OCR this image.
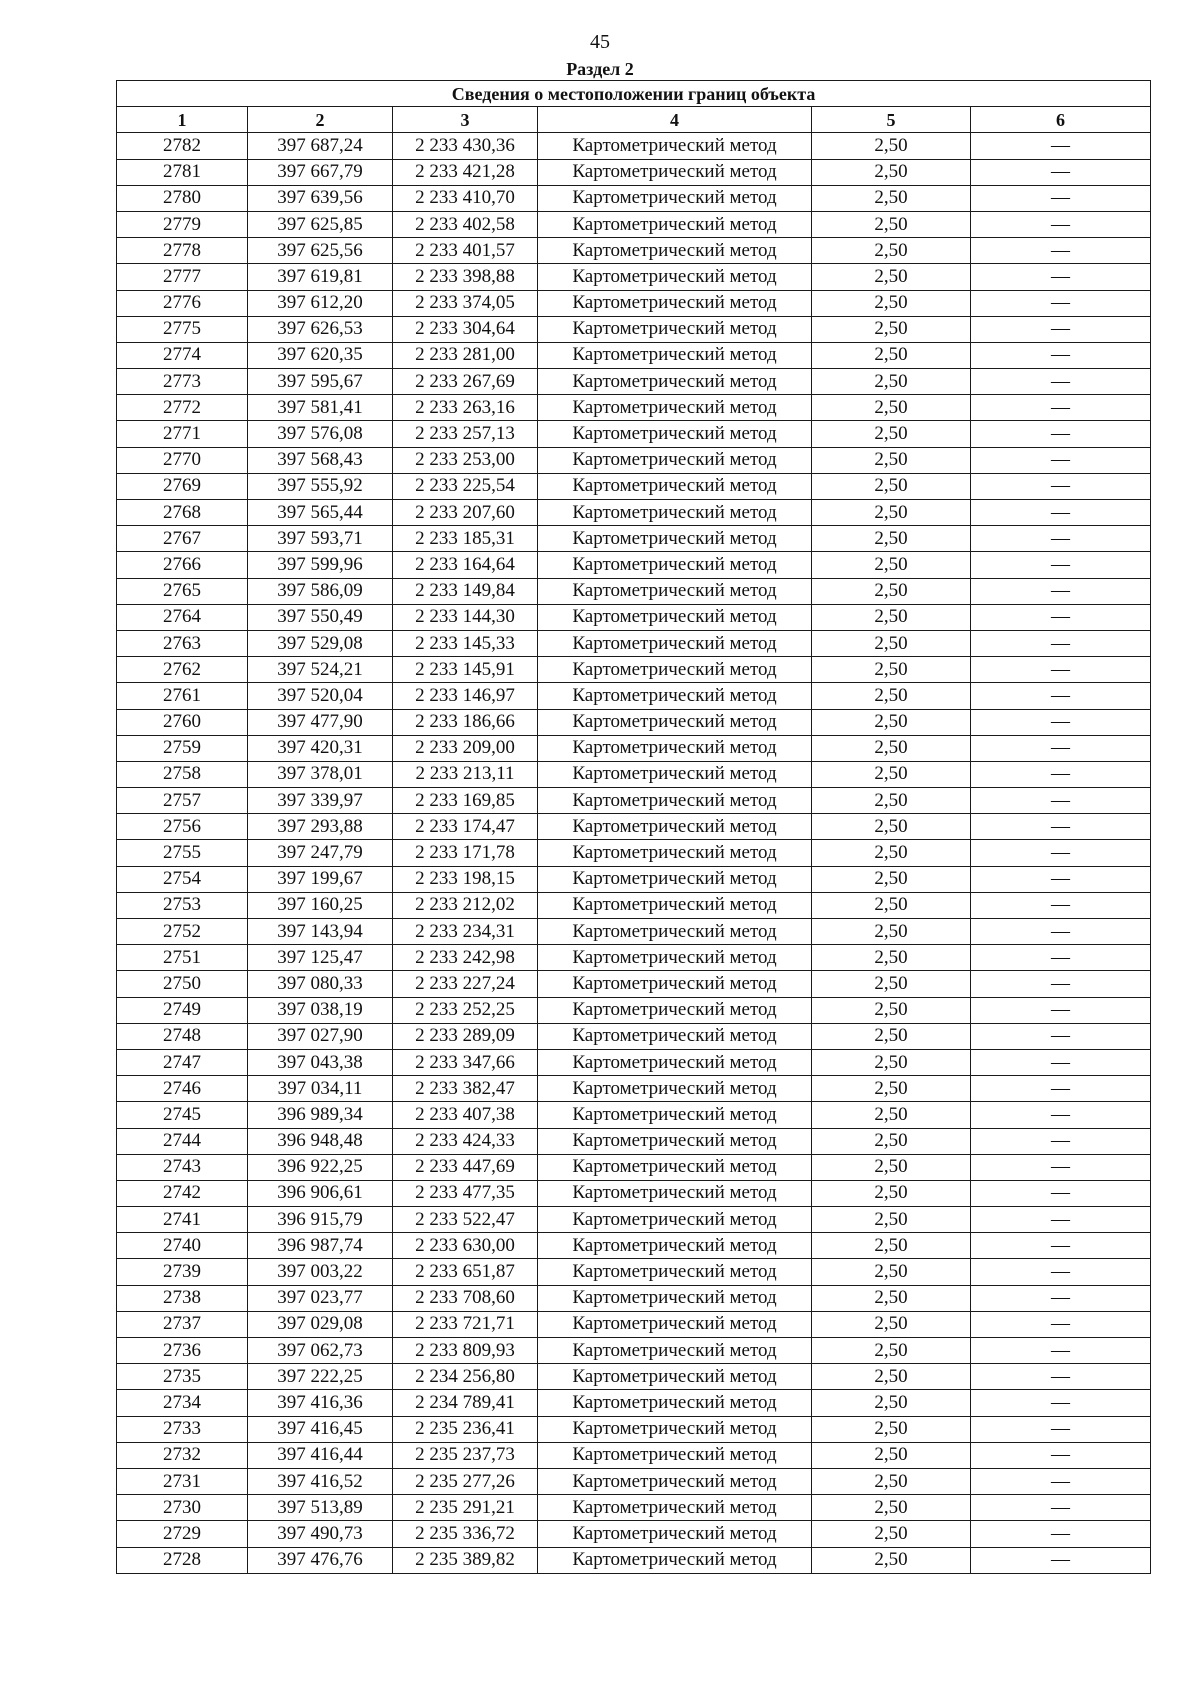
45
Раздел 2
Сведения о местоположении границ объекта					
1	2	3	4	5	6
2782	397 687,24	2 233 430,36	Картометрический метод	2,50	—
2781	397 667,79	2 233 421,28	Картометрический метод	2,50	—
2780	397 639,56	2 233 410,70	Картометрический метод	2,50	—
2779	397 625,85	2 233 402,58	Картометрический метод	2,50	—
2778	397 625,56	2 233 401,57	Картометрический метод	2,50	—
2777	397 619,81	2 233 398,88	Картометрический метод	2,50	—
2776	397 612,20	2 233 374,05	Картометрический метод	2,50	—
2775	397 626,53	2 233 304,64	Картометрический метод	2,50	—
2774	397 620,35	2 233 281,00	Картометрический метод	2,50	—
2773	397 595,67	2 233 267,69	Картометрический метод	2,50	—
2772	397 581,41	2 233 263,16	Картометрический метод	2,50	—
2771	397 576,08	2 233 257,13	Картометрический метод	2,50	—
2770	397 568,43	2 233 253,00	Картометрический метод	2,50	—
2769	397 555,92	2 233 225,54	Картометрический метод	2,50	—
2768	397 565,44	2 233 207,60	Картометрический метод	2,50	—
2767	397 593,71	2 233 185,31	Картометрический метод	2,50	—
2766	397 599,96	2 233 164,64	Картометрический метод	2,50	—
2765	397 586,09	2 233 149,84	Картометрический метод	2,50	—
2764	397 550,49	2 233 144,30	Картометрический метод	2,50	—
2763	397 529,08	2 233 145,33	Картометрический метод	2,50	—
2762	397 524,21	2 233 145,91	Картометрический метод	2,50	—
2761	397 520,04	2 233 146,97	Картометрический метод	2,50	—
2760	397 477,90	2 233 186,66	Картометрический метод	2,50	—
2759	397 420,31	2 233 209,00	Картометрический метод	2,50	—
2758	397 378,01	2 233 213,11	Картометрический метод	2,50	—
2757	397 339,97	2 233 169,85	Картометрический метод	2,50	—
2756	397 293,88	2 233 174,47	Картометрический метод	2,50	—
2755	397 247,79	2 233 171,78	Картометрический метод	2,50	—
2754	397 199,67	2 233 198,15	Картометрический метод	2,50	—
2753	397 160,25	2 233 212,02	Картометрический метод	2,50	—
2752	397 143,94	2 233 234,31	Картометрический метод	2,50	—
2751	397 125,47	2 233 242,98	Картометрический метод	2,50	—
2750	397 080,33	2 233 227,24	Картометрический метод	2,50	—
2749	397 038,19	2 233 252,25	Картометрический метод	2,50	—
2748	397 027,90	2 233 289,09	Картометрический метод	2,50	—
2747	397 043,38	2 233 347,66	Картометрический метод	2,50	—
2746	397 034,11	2 233 382,47	Картометрический метод	2,50	—
2745	396 989,34	2 233 407,38	Картометрический метод	2,50	—
2744	396 948,48	2 233 424,33	Картометрический метод	2,50	—
2743	396 922,25	2 233 447,69	Картометрический метод	2,50	—
2742	396 906,61	2 233 477,35	Картометрический метод	2,50	—
2741	396 915,79	2 233 522,47	Картометрический метод	2,50	—
2740	396 987,74	2 233 630,00	Картометрический метод	2,50	—
2739	397 003,22	2 233 651,87	Картометрический метод	2,50	—
2738	397 023,77	2 233 708,60	Картометрический метод	2,50	—
2737	397 029,08	2 233 721,71	Картометрический метод	2,50	—
2736	397 062,73	2 233 809,93	Картометрический метод	2,50	—
2735	397 222,25	2 234 256,80	Картометрический метод	2,50	—
2734	397 416,36	2 234 789,41	Картометрический метод	2,50	—
2733	397 416,45	2 235 236,41	Картометрический метод	2,50	—
2732	397 416,44	2 235 237,73	Картометрический метод	2,50	—
2731	397 416,52	2 235 277,26	Картометрический метод	2,50	—
2730	397 513,89	2 235 291,21	Картометрический метод	2,50	—
2729	397 490,73	2 235 336,72	Картометрический метод	2,50	—
2728	397 476,76	2 235 389,82	Картометрический метод	2,50	—
